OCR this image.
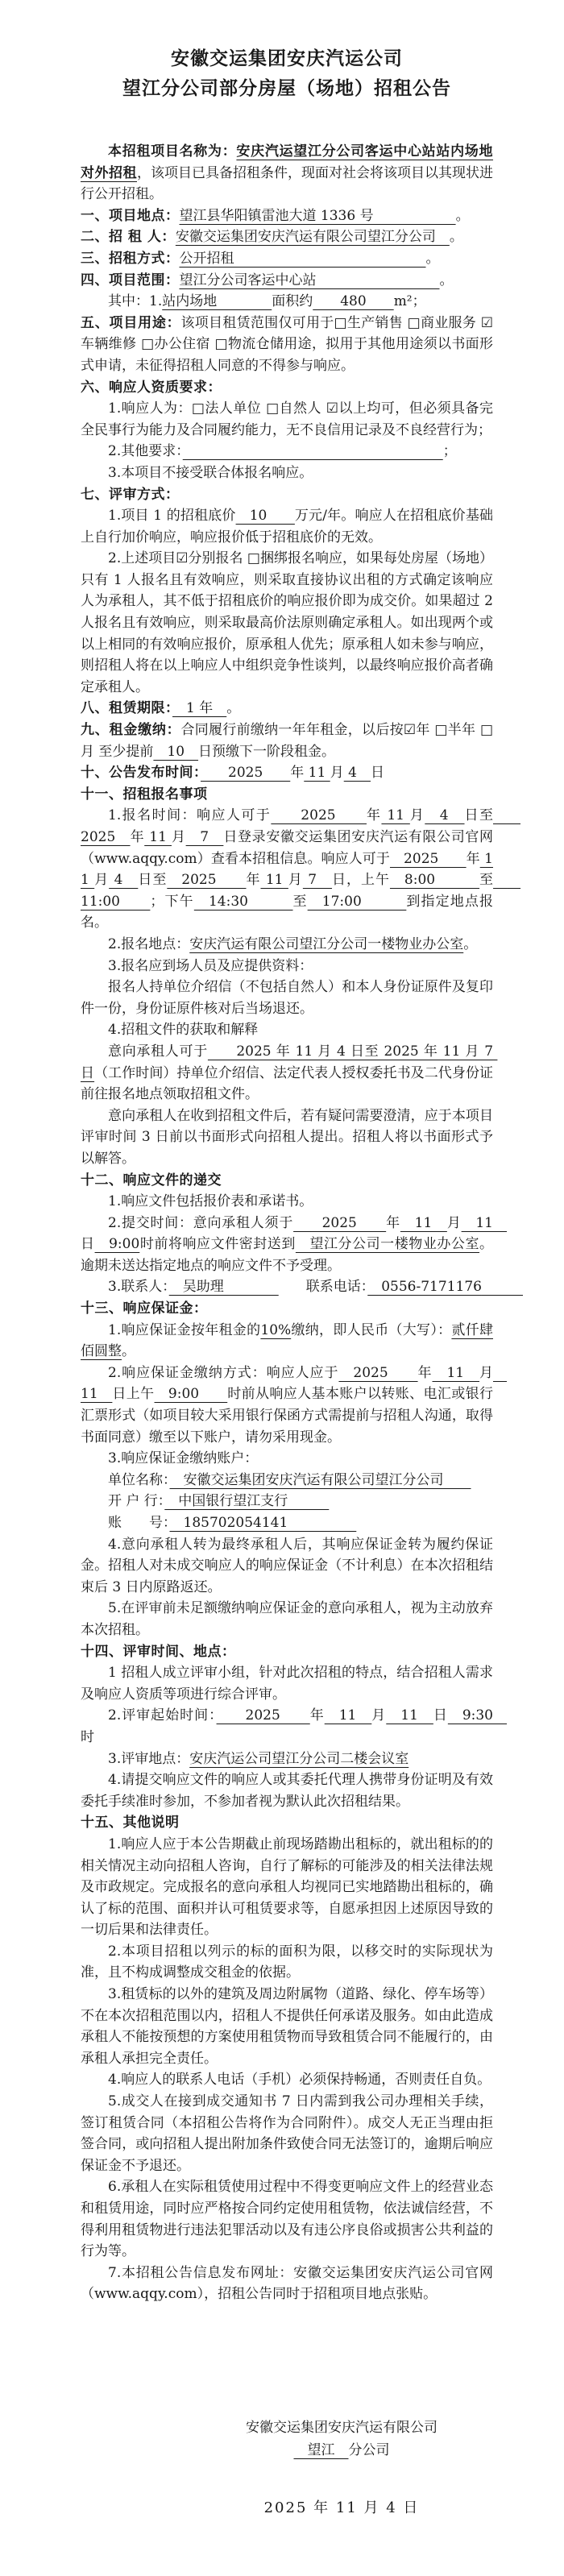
安徽交运集团安庆汽运公司
望江分公司部分房屋（场地）招租公告

本招租项目名称为：安庆汽运望江分公司客运中心站站内场地对外招租，该项目已具备招租条件，现面对社会将该项目以其现状进行公开招租。

一、项目地点：望江县华阳镇雷池大道 1336 号　　　　　　。

二、招 租 人：安徽交运集团安庆汽运有限公司望江分公司　。

三、招租方式：公开招租　　　　　　　　　　　　　　。

四、项目范围：望江分公司客运中心站　　　　　　　　　。

其中：1.站内场地　　　　面积约　　480　　m²；

五、项目用途：该项目租赁范围仅可用于□生产销售 □商业服务 ☑车辆维修 □办公住宿 □物流仓储用途，拟用于其他用途须以书面形式申请，未征得招租人同意的不得参与响应。

六、响应人资质要求：

1.响应人为：□法人单位 □自然人 ☑以上均可，但必须具备完全民事行为能力及合同履约能力，无不良信用记录及不良经营行为；

2.其他要求：　　　　　　　　　　　　　　　　　　　	；

3.本项目不接受联合体报名响应。

七、评审方式：

1.项目 1 的招租底价　10　　万元/年。响应人在招租底价基础上自行加价响应，响应报价低于招租底价的无效。

2.上述项目☑分别报名 □捆绑报名响应，如果每处房屋（场地）只有 1 人报名且有效响应，则采取直接协议出租的方式确定该响应人为承租人，其不低于招租底价的响应报价即为成交价。如果超过 2 人报名且有效响应，则采取最高价法原则确定承租人。如出现两个或以上相同的有效响应报价，原承租人优先；原承租人如未参与响应，则招租人将在以上响应人中组织竞争性谈判，以最终响应报价高者确定承租人。

八、租赁期限：　1 年　。

九、租金缴纳：合同履行前缴纳一年年租金，以后按☑年 □半年 □月 至少提前　10　日预缴下一阶段租金。

十、公告发布时间：　　2025　　年 11 月 4　日

十一、招租报名事项

1.报名时间：响应人可于　　2025　　年 11 月　4　日至　　2025　年 11 月　7　日登录安徽交运集团安庆汽运有限公司官网（www.aqqy.com）查看本招租信息。响应人可于　2025　　年 11 月 4　日至　2025　　年 11 月 7　日，上午　8:00　　　至　　11:00　　；下午　14:30　　　至　17:00　　　到指定地点报名。

2.报名地点：安庆汽运有限公司望江分公司一楼物业办公室。

3.报名应到场人员及应提供资料：

报名人持单位介绍信（不包括自然人）和本人身份证原件及复印件一份，身份证原件核对后当场退还。

4.招租文件的获取和解释

意向承租人可于　　2025 年 11 月 4 日至 2025 年 11 月 7 日（工作时间）持单位介绍信、法定代表人授权委托书及二代身份证前往报名地点领取招租文件。

意向承租人在收到招租文件后，若有疑问需要澄清，应于本项目评审时间 3 日前以书面形式向招租人提出。招租人将以书面形式予以解答。

十二、响应文件的递交

1.响应文件包括报价表和承诺书。

2.提交时间：意向承租人须于　　2025　　年　11　月　11　日　9:00时前将响应文件密封送到　望江分公司一楼物业办公室。逾期未送达指定地点的响应文件不予受理。

3.联系人：　吴助理　　　　　　联系电话：　0556-7171176　　　

十三、响应保证金：

1.响应保证金按年租金的10%缴纳，即人民币（大写）：贰仟肆佰圆整。

2.响应保证金缴纳方式：响应人应于　2025　　年　11　月　11　日上午　9:00　　时前从响应人基本账户以转账、电汇或银行汇票形式（如项目较大采用银行保函方式需提前与招租人沟通，取得书面同意）缴至以下账户，请勿采用现金。

3.响应保证金缴纳账户：

单位名称：　安徽交运集团安庆汽运有限公司望江分公司　　

开 户 行：　中国银行望江支行　　　

账　　号：　185702054141　　　　　

4.意向承租人转为最终承租人后，其响应保证金转为履约保证金。招租人对未成交响应人的响应保证金（不计利息）在本次招租结束后 3 日内原路返还。

5.在评审前未足额缴纳响应保证金的意向承租人，视为主动放弃本次招租。

十四、评审时间、地点：

1 招租人成立评审小组，针对此次招租的特点，结合招租人需求及响应人资质等项进行综合评审。

2.评审起始时间：　　2025　　年　11　月　11　日　9:30　时

3.评审地点：安庆汽运公司望江分公司二楼会议室

4.请提交响应文件的响应人或其委托代理人携带身份证明及有效委托手续准时参加，不参加者视为默认此次招租结果。

十五、其他说明

1.响应人应于本公告期截止前现场踏勘出租标的，就出租标的的相关情况主动向招租人咨询，自行了解标的可能涉及的相关法律法规及市政规定。完成报名的意向承租人均视同已实地踏勘出租标的，确认了标的范围、面积并认可租赁要求等，自愿承担因上述原因导致的一切后果和法律责任。

2.本项目招租以列示的标的面积为限，以移交时的实际现状为准，且不构成调整成交租金的依据。

3.租赁标的以外的建筑及周边附属物（道路、绿化、停车场等）不在本次招租范围以内，招租人不提供任何承诺及服务。如由此造成承租人不能按预想的方案使用租赁物而导致租赁合同不能履行的，由承租人承担完全责任。

4.响应人的联系人电话（手机）必须保持畅通，否则责任自负。

5.成交人在接到成交通知书 7 日内需到我公司办理相关手续，签订租赁合同（本招租公告将作为合同附件）。成交人无正当理由拒签合同，或向招租人提出附加条件致使合同无法签订的，逾期后响应保证金不予退还。

6.承租人在实际租赁使用过程中不得变更响应文件上的经营业态和租赁用途，同时应严格按合同约定使用租赁物，依法诚信经营，不得利用租赁物进行违法犯罪活动以及有违公序良俗或损害公共利益的行为等。

7.本招租公告信息发布网址：安徽交运集团安庆汽运公司官网（www.aqqy.com），招租公告同时于招租项目地点张贴。

安徽交运集团安庆汽运有限公司
　望江　分公司
2025 年 11 月 4 日
